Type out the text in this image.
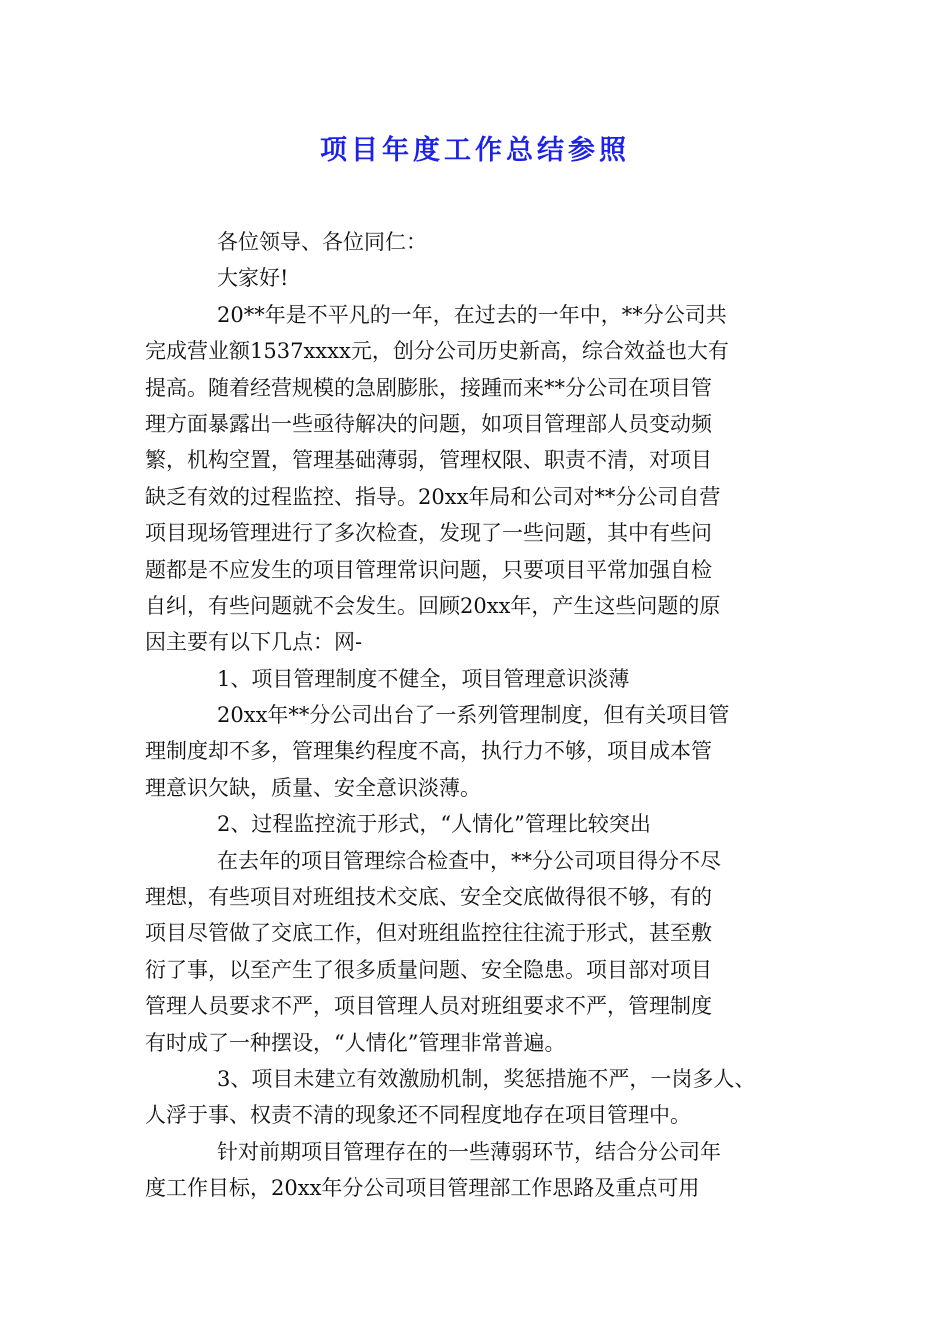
项目年度工作总结参照
各位领导、各位同仁：
大家好!
20**年是不平凡的一年，在过去的一年中，**分公司共
完成营业额1537xxxx元，创分公司历史新高，综合效益也大有
提高。随着经营规模的急剧膨胀，接踵而来**分公司在项目管
理方面暴露出一些亟待解决的问题，如项目管理部人员变动频
繁，机构空置，管理基础薄弱，管理权限、职责不清，对项目
缺乏有效的过程监控、指导。20xx年局和公司对**分公司自营
项目现场管理进行了多次检查，发现了一些问题，其中有些问
题都是不应发生的项目管理常识问题，只要项目平常加强自检
自纠，有些问题就不会发生。回顾20xx年，产生这些问题的原
因主要有以下几点：网-
1、项目管理制度不健全，项目管理意识淡薄
20xx年**分公司出台了一系列管理制度，但有关项目管
理制度却不多，管理集约程度不高，执行力不够，项目成本管
理意识欠缺，质量、安全意识淡薄。
2、过程监控流于形式，“人情化”管理比较突出
在去年的项目管理综合检查中，**分公司项目得分不尽
理想，有些项目对班组技术交底、安全交底做得很不够，有的
项目尽管做了交底工作，但对班组监控往往流于形式，甚至敷
衍了事，以至产生了很多质量问题、安全隐患。项目部对项目
管理人员要求不严，项目管理人员对班组要求不严，管理制度
有时成了一种摆设，“人情化”管理非常普遍。
3、项目未建立有效激励机制，奖惩措施不严，一岗多人、
人浮于事、权责不清的现象还不同程度地存在项目管理中。
针对前期项目管理存在的一些薄弱环节，结合分公司年
度工作目标，20xx年分公司项目管理部工作思路及重点可用
